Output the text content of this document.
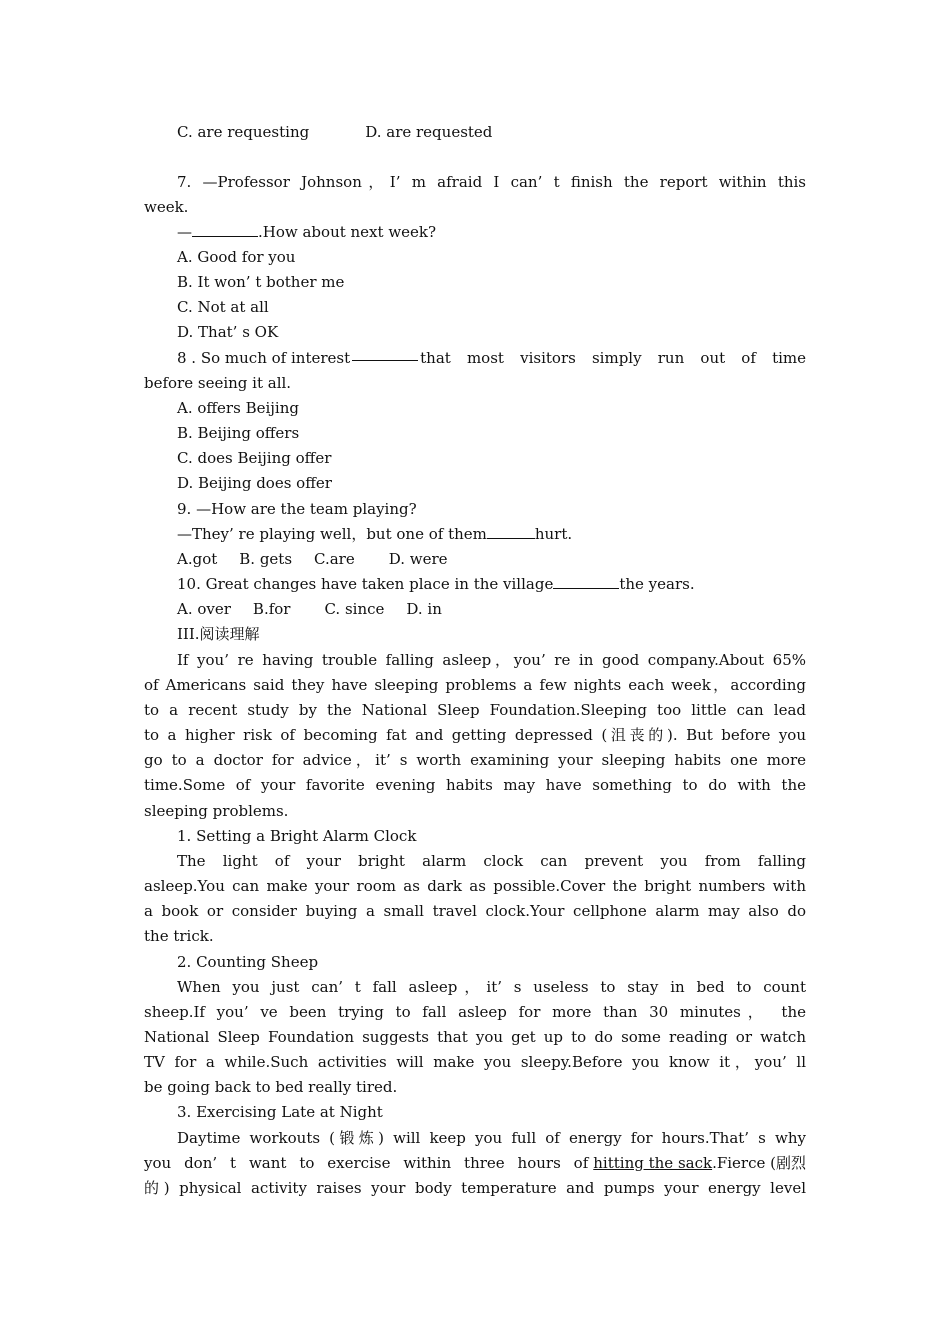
C. are requesting	D. are requested
7. —Professor Johnson，I’ m afraid I can’ t finish the report within this
week.
—	.How about next week?
A. Good for you
B. It won’ t bother me
C. Not at all
D. That’ s OK
8 . So much of interest	that most visitors simply run out of time
before seeing it all.
A. offers Beijing
B. Beijing offers
C. does Beijing offer
D. Beijing does offer
9. —How are the team playing?
—They’ re playing well，but one of them	hurt.
A.got B. gets C.are D. were
10. Great changes have taken place in the village	the years.
A. over B.for C. since D. in
III.阅读理解
If you’ re having trouble falling asleep，you’ re in good company.About 65%
of Americans said they have sleeping problems a few nights each week，according
to a recent study by the National Sleep Foundation.Sleeping too little can lead
to a higher risk of becoming fat and getting depressed (沮丧的). But before you
go to a doctor for advice，it’ s worth examining your sleeping habits one more
time.Some of your favorite evening habits may have something to do with the
sleeping problems.
1. Setting a Bright Alarm Clock
The light of your bright alarm clock can prevent you from falling
asleep.You can make your room as dark as possible.Cover the bright numbers with
a book or consider buying a small travel clock.Your cellphone alarm may also do
the trick.
2. Counting Sheep
When you just can’ t fall asleep，it’ s useless to stay in bed to count
sheep.If you’ ve been trying to fall asleep for more than 30 minutes， the
National Sleep Foundation suggests that you get up to do some reading or watch
TV for a while.Such activities will make you sleepy.Before you know it，you’ ll
be going back to bed really tired.
3. Exercising Late at Night
Daytime workouts (锻炼) will keep you full of energy for hours.That’ s why
you don’ t want to exercise within three hours of hitting the sack .Fierce (剧烈
的) physical activity raises your body temperature and pumps your energy level
